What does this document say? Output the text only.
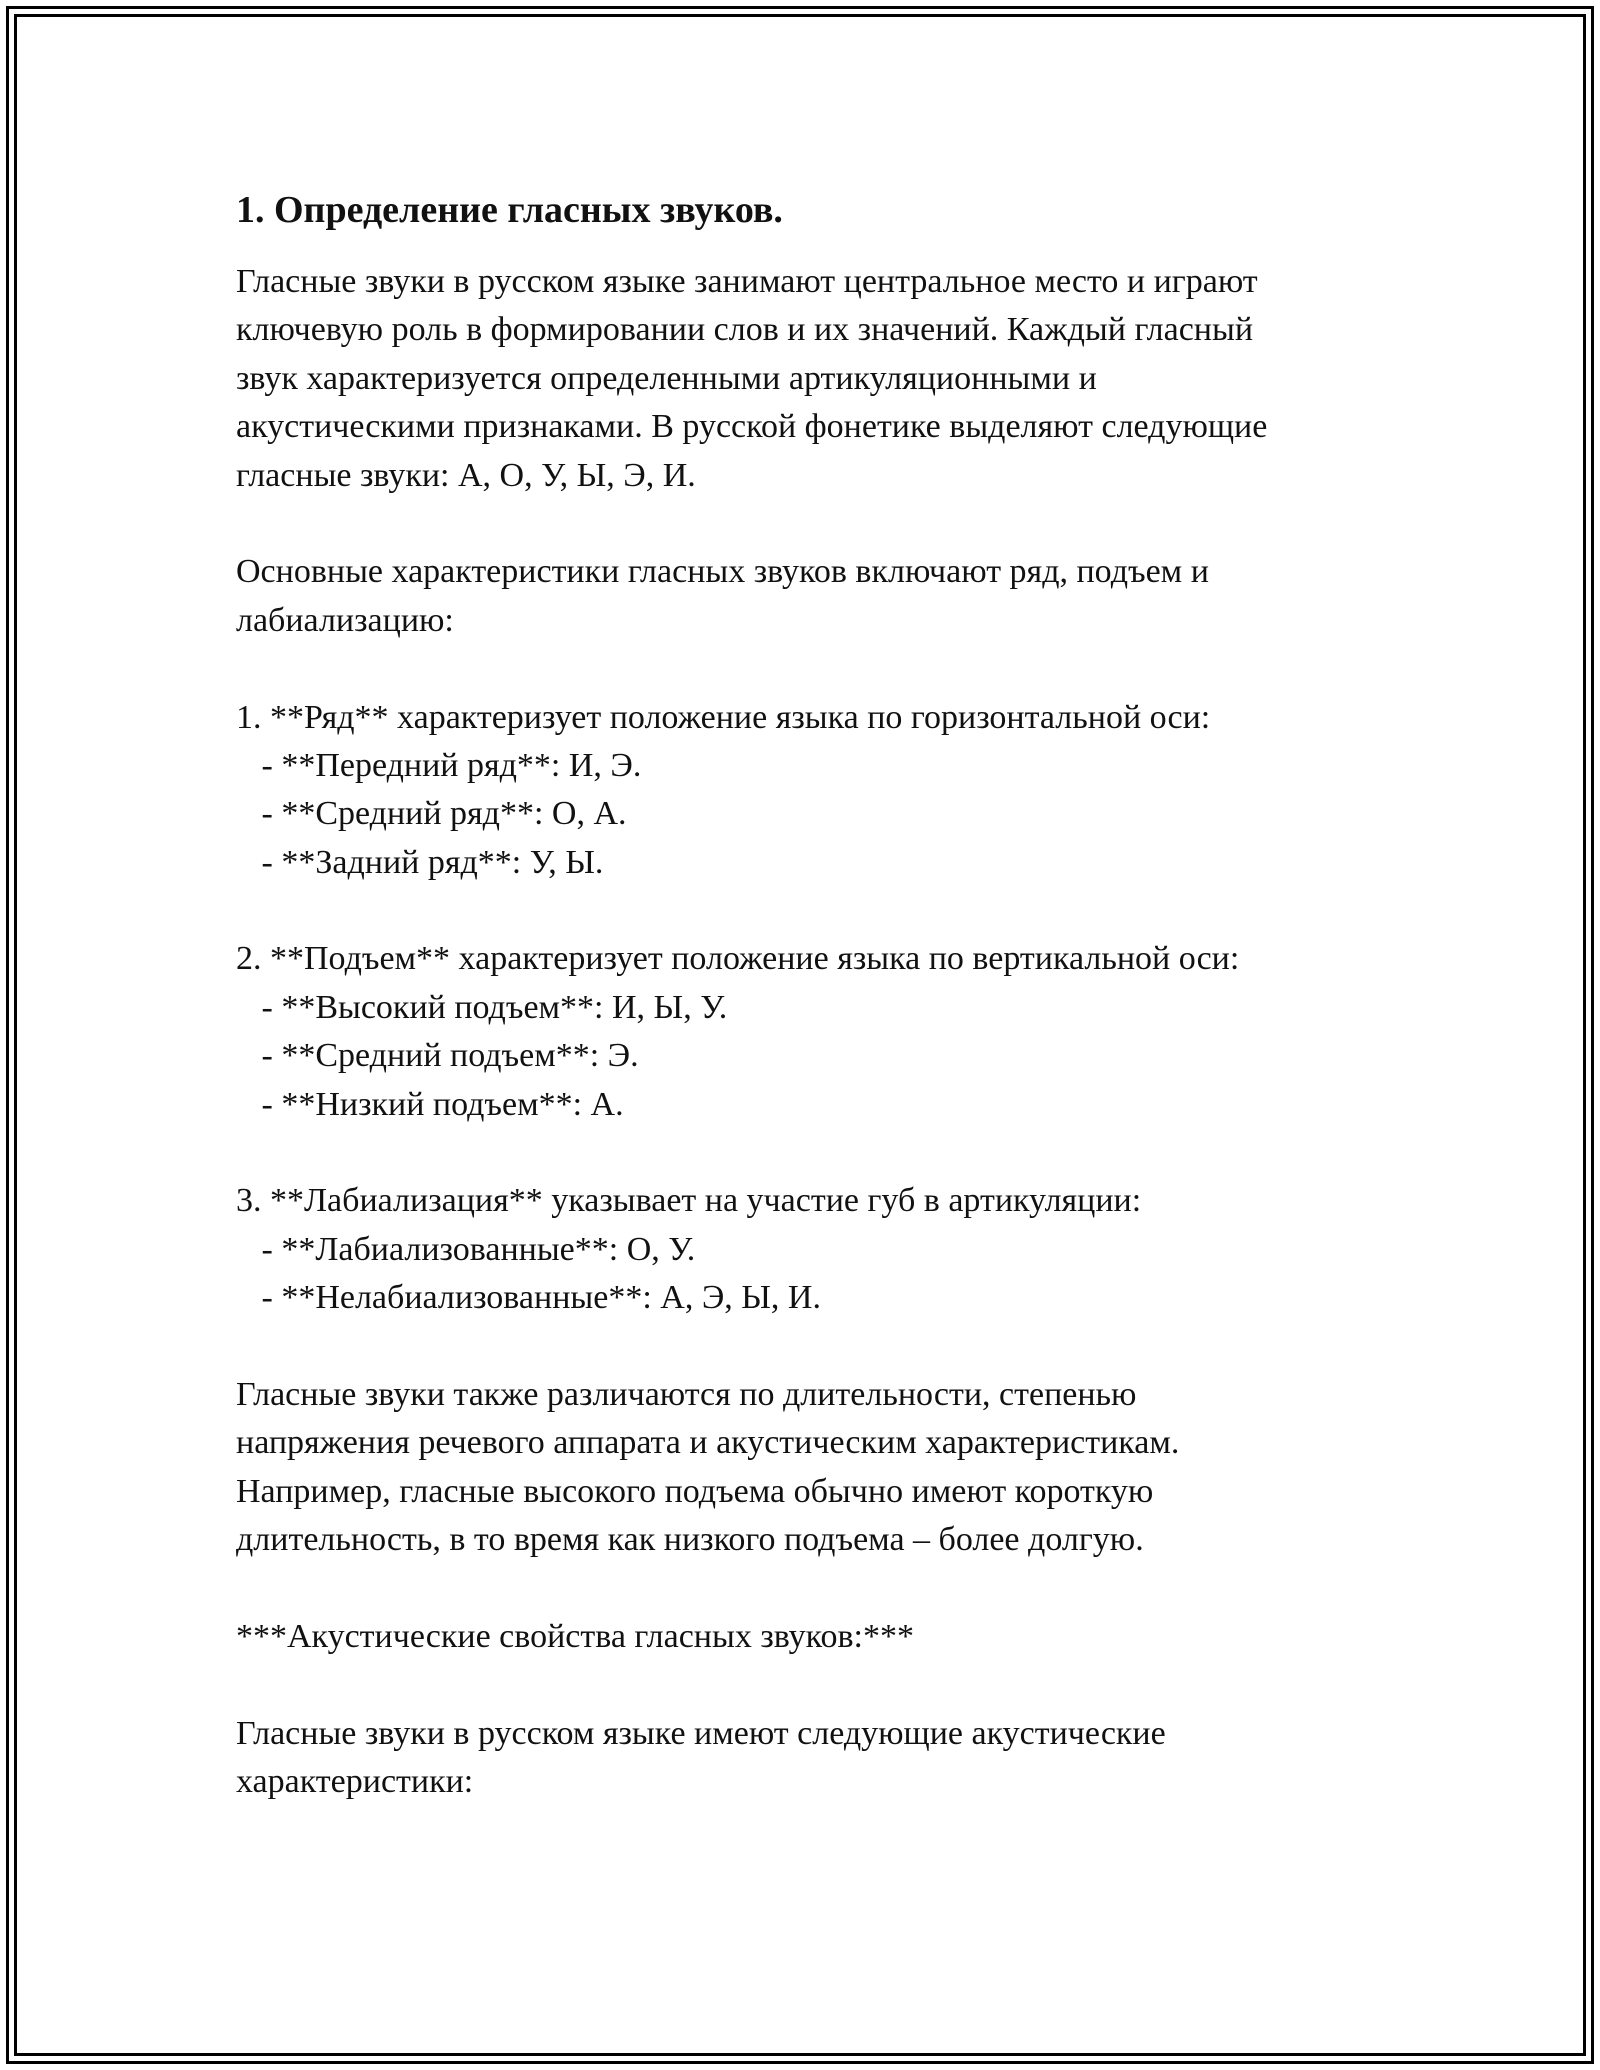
1. Определение гласных звуков.

Гласные звуки в русском языке занимают центральное место и играют

ключевую роль в формировании слов и их значений. Каждый гласный

звук характеризуется определенными артикуляционными и

акустическими признаками. В русской фонетике выделяют следующие

гласные звуки: А, О, У, Ы, Э, И.

Основные характеристики гласных звуков включают ряд, подъем и

лабиализацию:

1. **Ряд** характеризует положение языка по горизонтальной оси:

- **Передний ряд**: И, Э.

- **Средний ряд**: О, А.

- **Задний ряд**: У, Ы.

2. **Подъем** характеризует положение языка по вертикальной оси:

- **Высокий подъем**: И, Ы, У.

- **Средний подъем**: Э.

- **Низкий подъем**: А.

3. **Лабиализация** указывает на участие губ в артикуляции:

- **Лабиализованные**: О, У.

- **Нелабиализованные**: А, Э, Ы, И.

Гласные звуки также различаются по длительности, степенью

напряжения речевого аппарата и акустическим характеристикам.

Например, гласные высокого подъема обычно имеют короткую

длительность, в то время как низкого подъема – более долгую.

***Акустические свойства гласных звуков:***

Гласные звуки в русском языке имеют следующие акустические

характеристики:
